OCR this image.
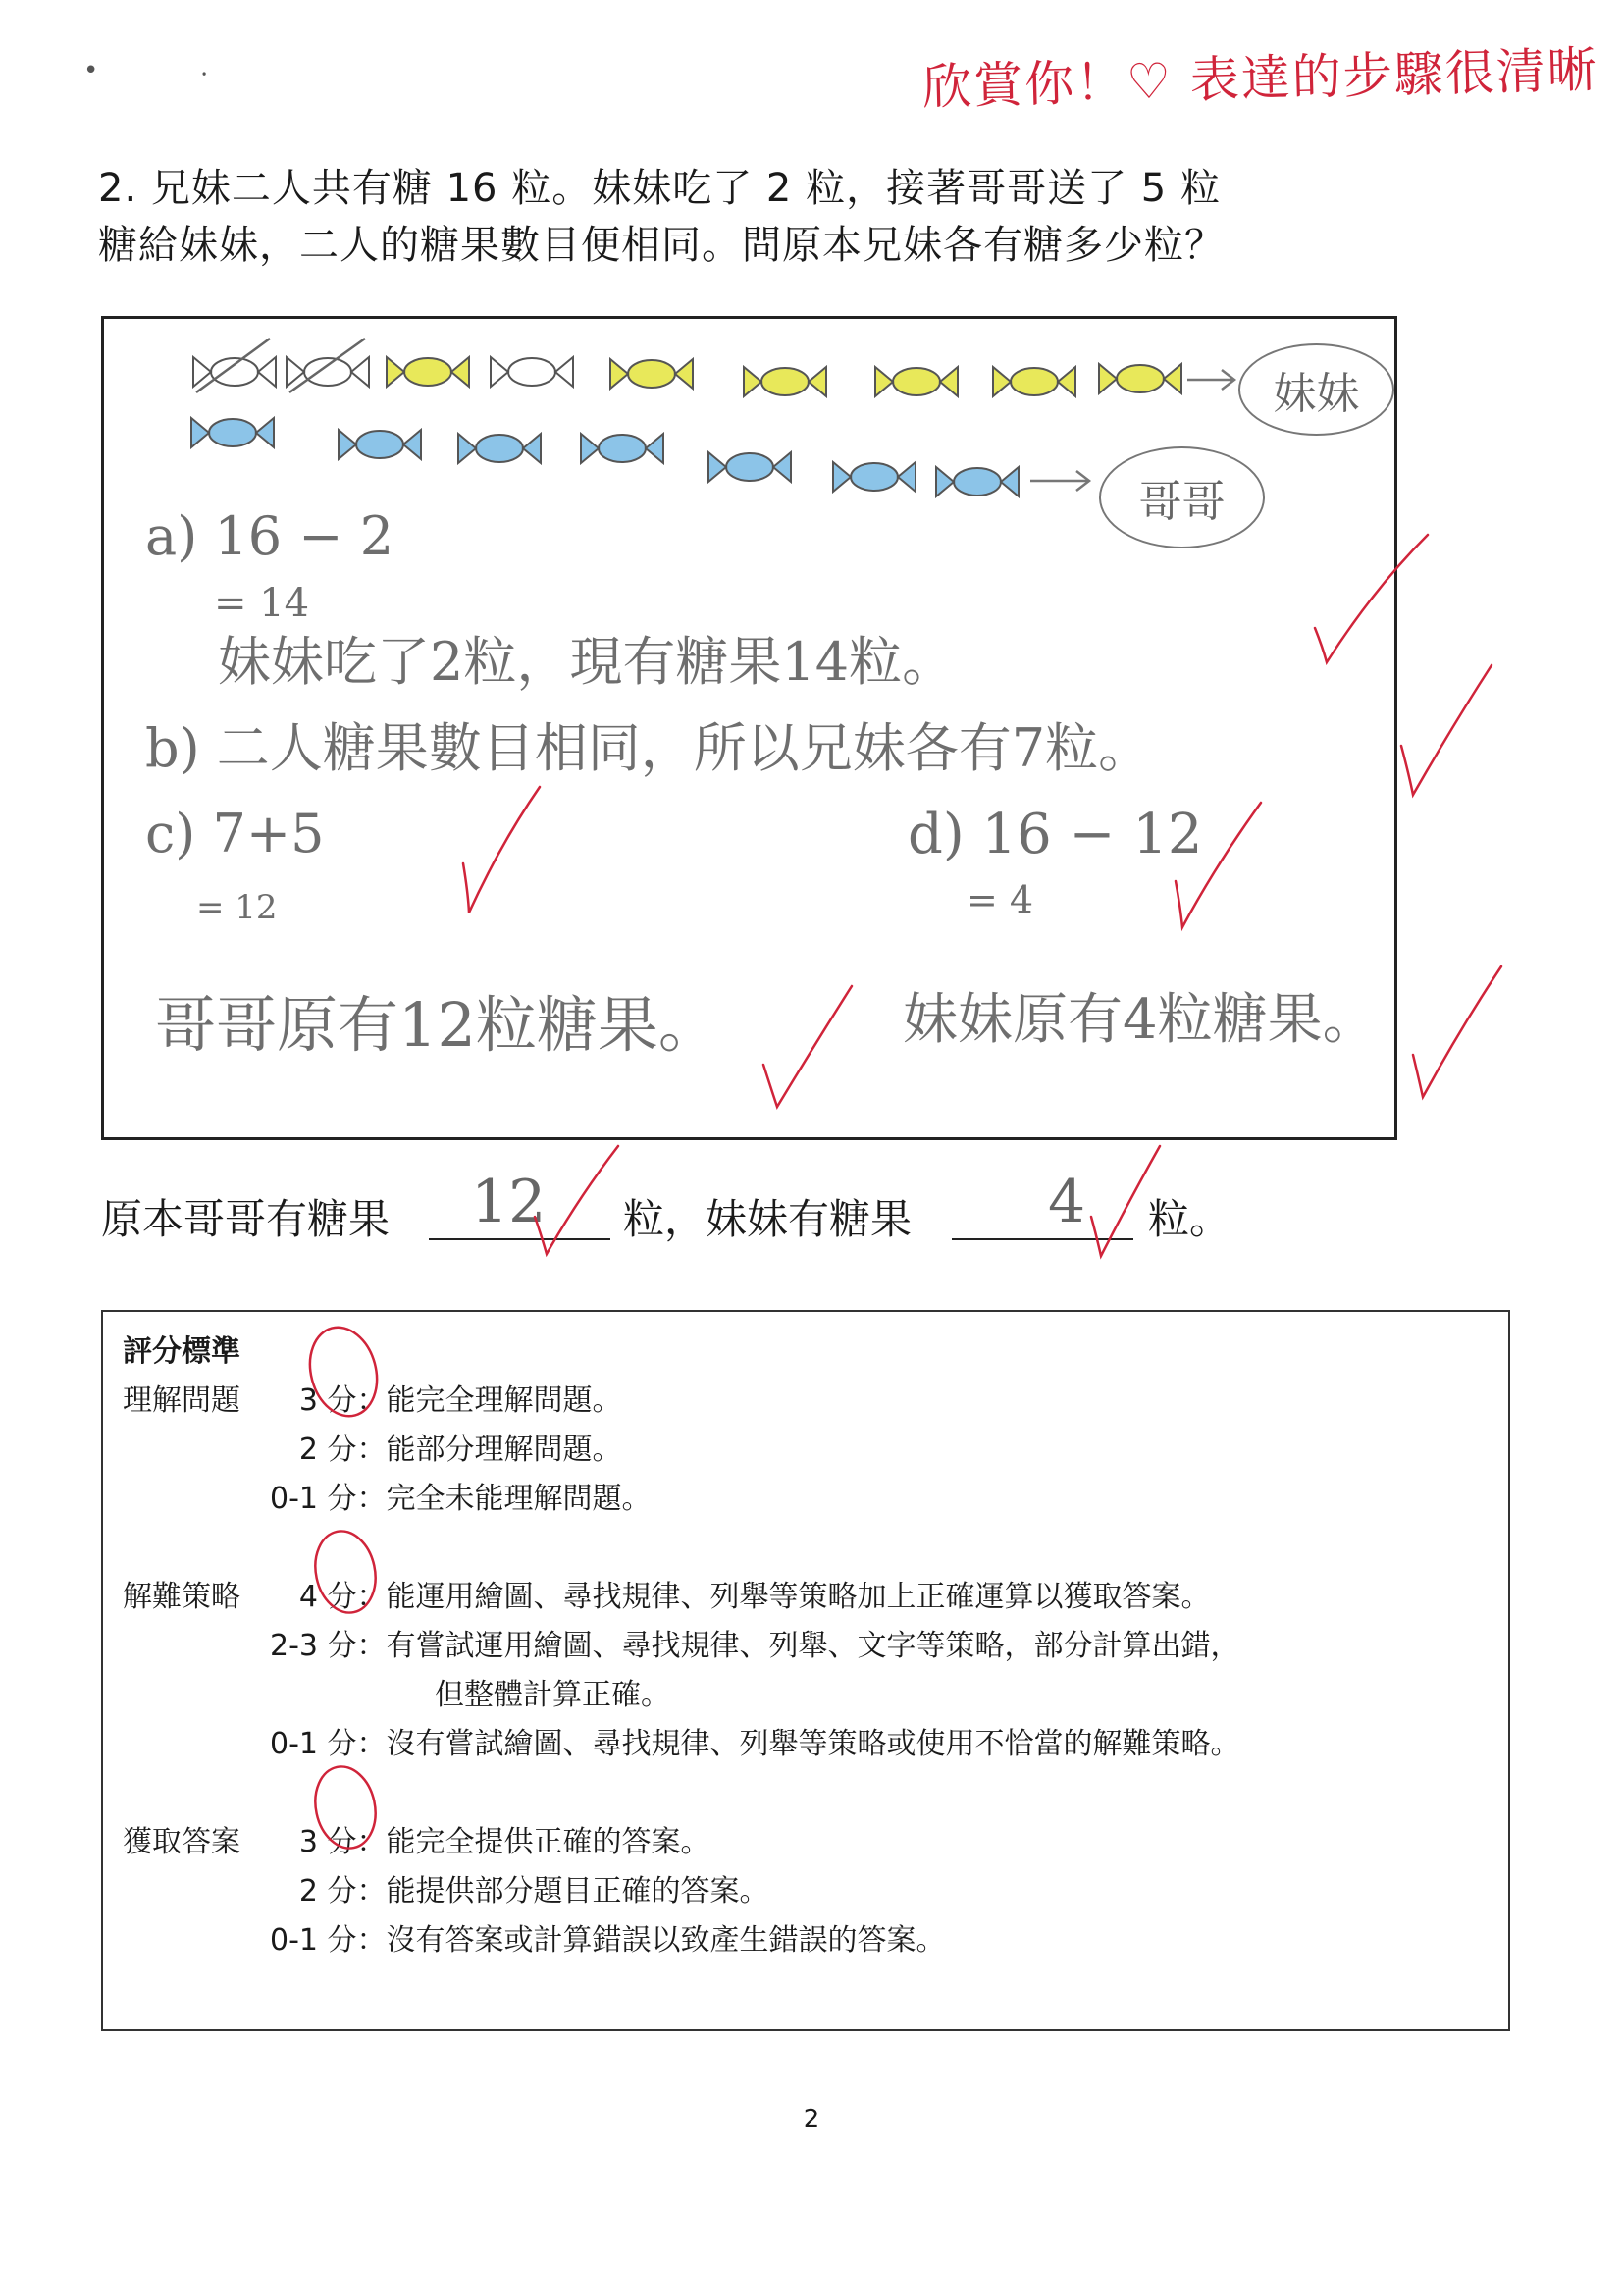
欣賞你！♡ 表達的步驟很清晰
• ⸳
2. 兄妹二人共有糖 16 粒。妹妹吃了 2 粒，接著哥哥送了 5 粒
糖給妹妹，二人的糖果數目便相同。問原本兄妹各有糖多少粒？
妹妹
哥哥
a) 16 − 2
= 14
妹妹吃了2粒，現有糖果14粒。
b) 二人糖果數目相同，所以兄妹各有7粒。
c) 7+5
= 12
d) 16 − 12
= 4
哥哥原有12粒糖果。	妹妹原有4粒糖果。
原本哥哥有糖果	粒，妹妹有糖果	粒。
12	4
評分標準
理解問題	3 分：能完全理解問題。
2 分：能部分理解問題。
0-1 分：完全未能理解問題。
解難策略	4 分：能運用繪圖、尋找規律、列舉等策略加上正確運算以獲取答案。
2-3 分：有嘗試運用繪圖、尋找規律、列舉、文字等策略，部分計算出錯，
但整體計算正確。
0-1 分：沒有嘗試繪圖、尋找規律、列舉等策略或使用不恰當的解難策略。
獲取答案	3 分：能完全提供正確的答案。
2 分：能提供部分題目正確的答案。
0-1 分：沒有答案或計算錯誤以致產生錯誤的答案。
2
